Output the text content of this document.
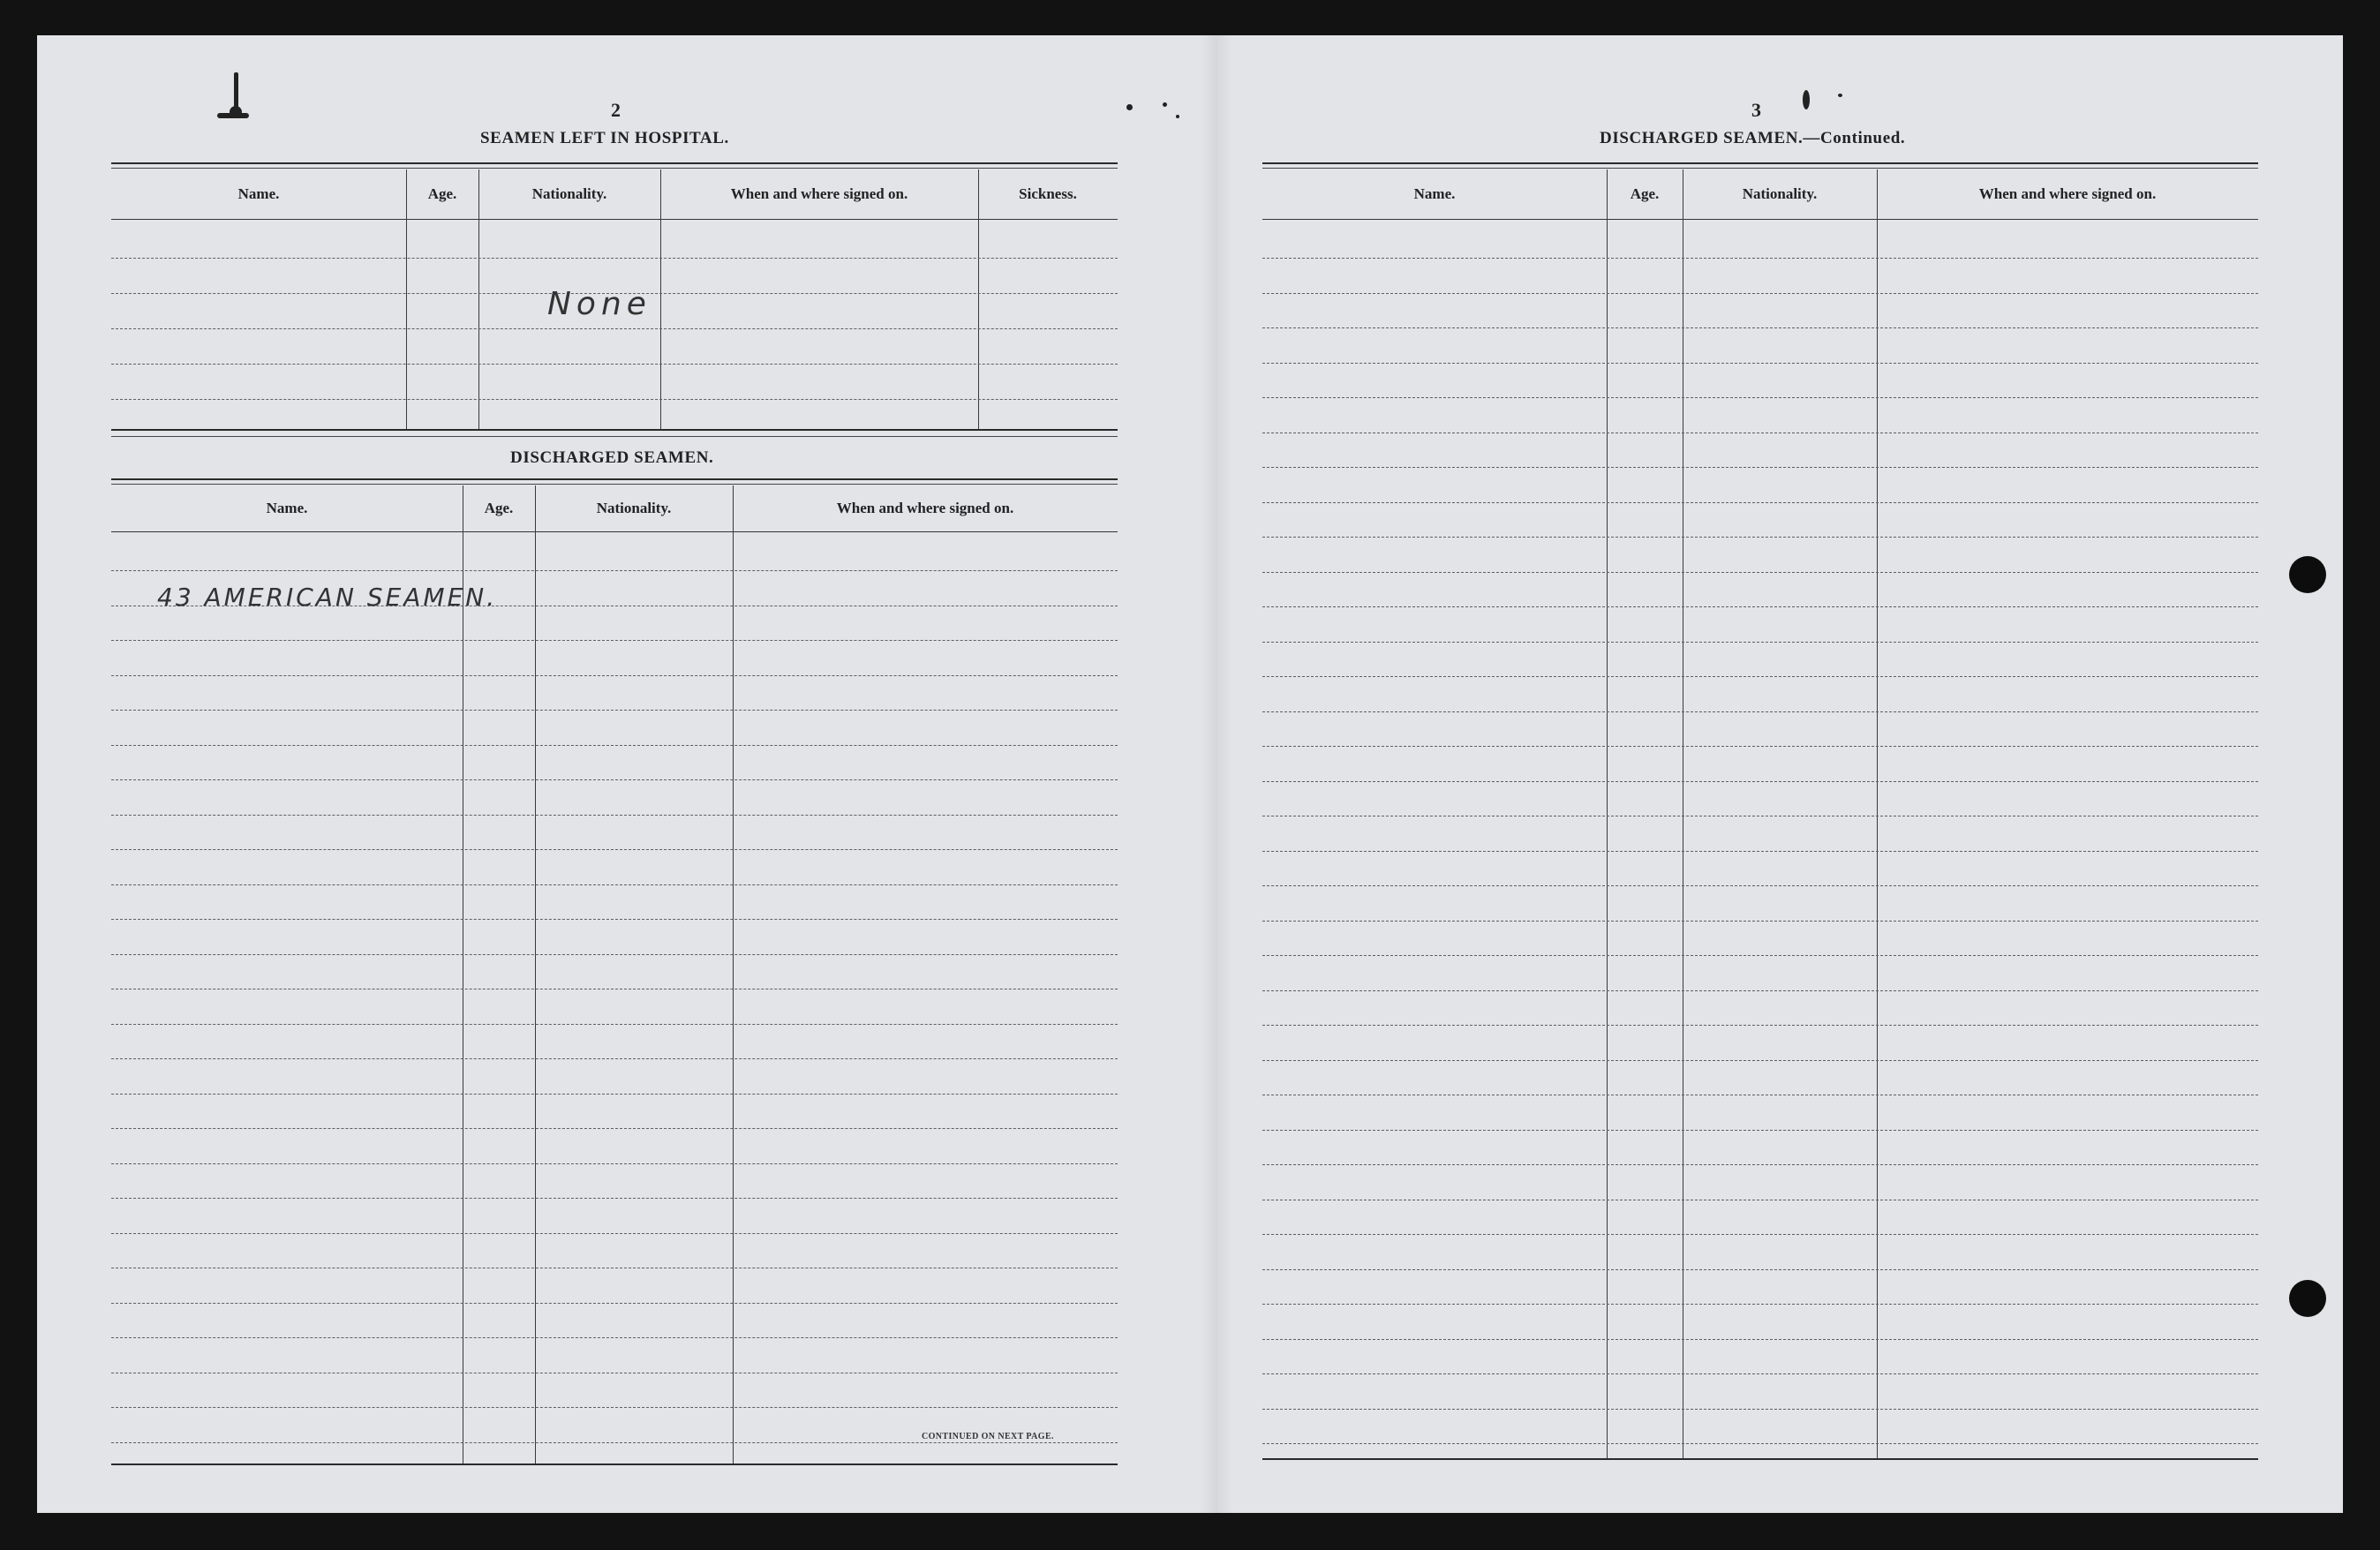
2
SEAMEN LEFT IN HOSPITAL.
Name.	Age.	Nationality.	When and where signed on.	Sickness.
None
DISCHARGED SEAMEN.
Name.	Age.	Nationality.	When and where signed on.
43 AMERICAN SEAMEN.
CONTINUED ON NEXT PAGE.
3
DISCHARGED SEAMEN.—Continued.
Name.	Age.	Nationality.	When and where signed on.
